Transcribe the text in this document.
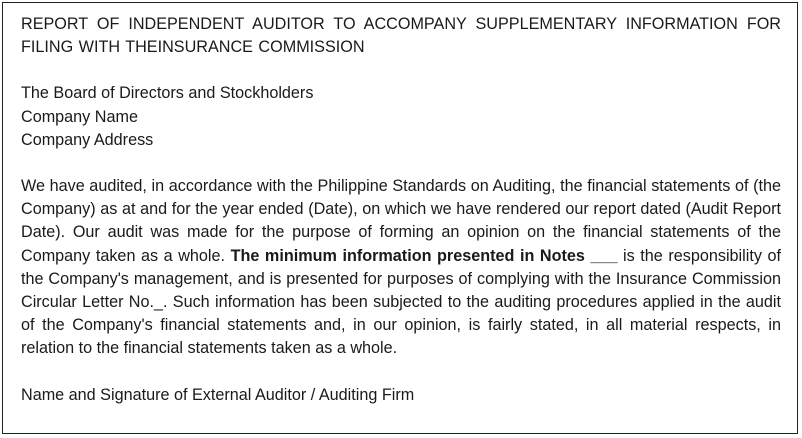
REPORT OF INDEPENDENT AUDITOR TO ACCOMPANY SUPPLEMENTARY INFORMATION FOR FILING WITH THEINSURANCE COMMISSION

The Board of Directors and Stockholders
Company Name
Company Address
We have audited, in accordance with the Philippine Standards on Auditing, the financial statements of (the Company) as at and for the year ended (Date), on which we have rendered our report dated (Audit Report Date). Our audit was made for the purpose of forming an opinion on the financial statements of the Company taken as a whole. The minimum information presented in Notes ___ is the responsibility of the Company's management, and is presented for purposes of complying with the Insurance Commission Circular Letter No._. Such information has been subjected to the auditing procedures applied in the audit of the Company's financial statements and, in our opinion, is fairly stated, in all material respects, in relation to the financial statements taken as a whole.
Name and Signature of External Auditor / Auditing Firm
